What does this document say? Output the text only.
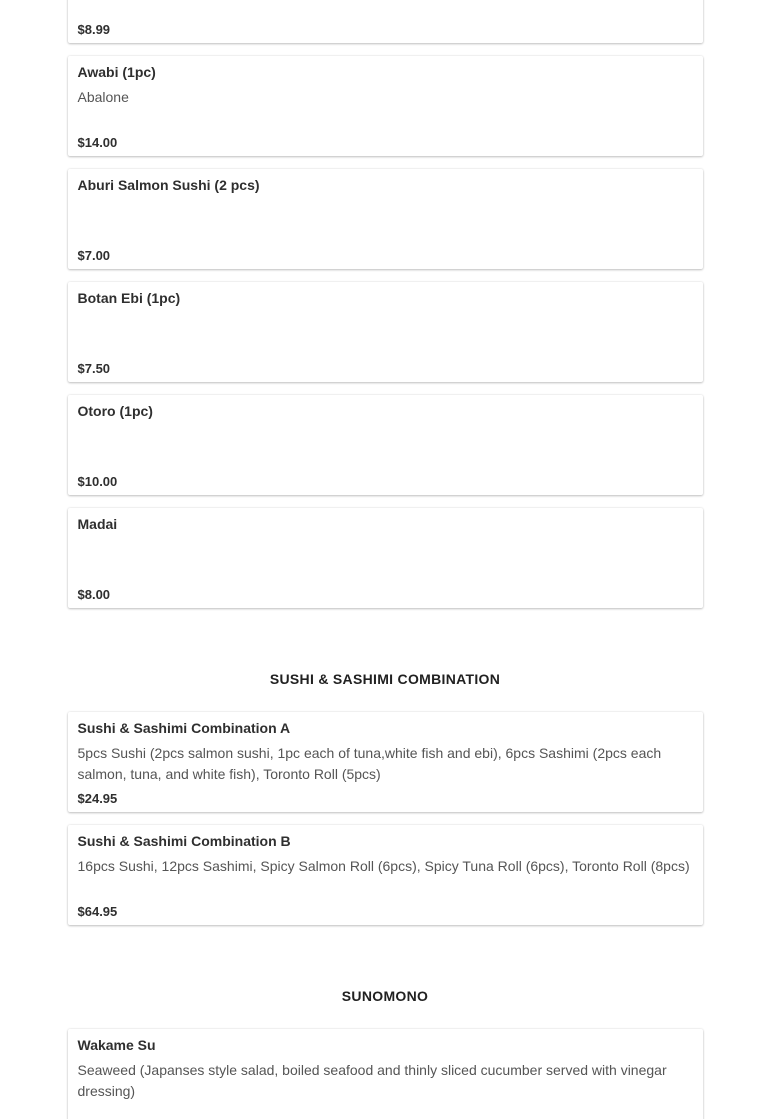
$8.99
Awabi (1pc)

Abalone

$14.00
Aburi Salmon Sushi (2 pcs)

$7.00
Botan Ebi (1pc)

$7.50
Otoro (1pc)

$10.00
Madai

$8.00
SUSHI & SASHIMI COMBINATION
Sushi & Sashimi Combination A

5pcs Sushi (2pcs salmon sushi, 1pc each of tuna,white fish and ebi), 6pcs Sashimi (2pcs each salmon, tuna, and white fish), Toronto Roll (5pcs)

$24.95
Sushi & Sashimi Combination B

16pcs Sushi, 12pcs Sashimi, Spicy Salmon Roll (6pcs), Spicy Tuna Roll (6pcs), Toronto Roll (8pcs)

$64.95
SUNOMONO
Wakame Su

Seaweed (Japanses style salad, boiled seafood and thinly sliced cucumber served with vinegar dressing)
